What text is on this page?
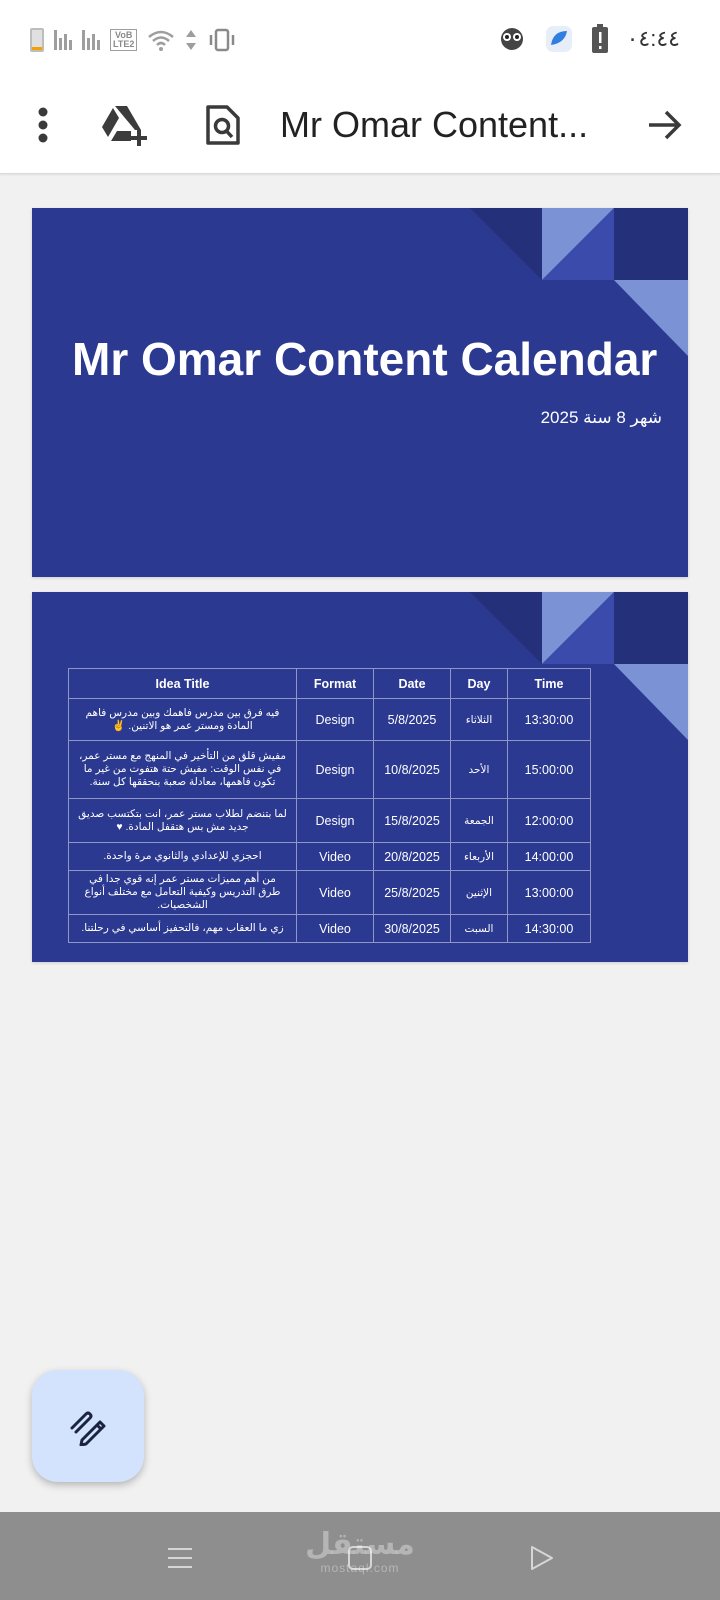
VoB
LTE2	٠٤:٤٤
Mr Omar Content...
Mr Omar Content Calendar
شهر 8 سنة 2025
Idea Title	Format	Date	Day	Time
فيه فرق بين مدرس فاهمك وبين مدرس فاهم المادة ومستر عمر هو الاتنين. ✌️	Design	5/8/2025	الثلاثاء	13:30:00
مفيش قلق من التأخير في المنهج مع مستر عمر، في نفس الوقت: مفيش حتة هتفوت من غير ما تكون فاهمها، معادلة صعبة بنحققها كل سنة.	Design	10/8/2025	الأحد	15:00:00
لما بتنضم لطلاب مستر عمر، انت بتكتسب صديق جديد مش بس هتقفل المادة. ♥	Design	15/8/2025	الجمعة	12:00:00
احجزي للإعدادي والثانوي مرة واحدة.	Video	20/8/2025	الأربعاء	14:00:00
من أهم مميزات مستر عمر إنه قوي جدا في طرق التدريس وكيفية التعامل مع مختلف أنواع الشخصيات.	Video	25/8/2025	الإثنين	13:00:00
زي ما العقاب مهم، فالتحفيز أساسي في رحلتنا.	Video	30/8/2025	السبت	14:30:00
مستقل
mostaql.com
